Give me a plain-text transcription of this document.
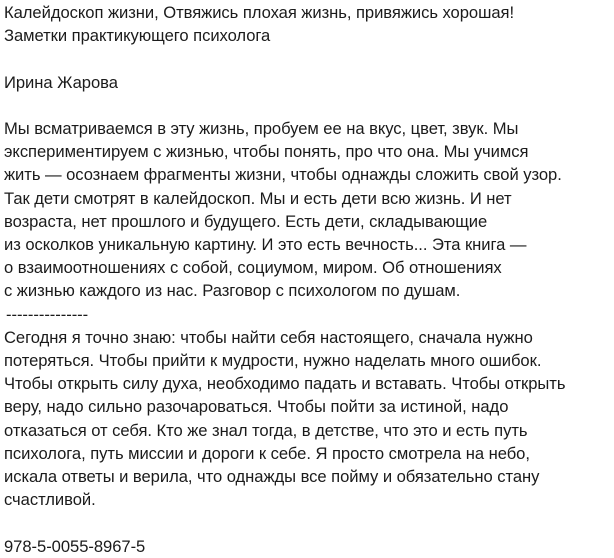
Калейдоскоп жизни, Отвяжись плохая жизнь, привяжись хорошая!
Заметки практикующего психолога
Ирина Жарова
Мы всматриваемся в эту жизнь, пробуем ее на вкус, цвет, звук. Мы
экспериментируем с жизнью, чтобы понять, про что она. Мы учимся
жить — осознаем фрагменты жизни, чтобы однажды сложить свой узор.
Так дети смотрят в калейдоскоп. Мы и есть дети всю жизнь. И нет
возраста, нет прошлого и будущего. Есть дети, складывающие
из осколков уникальную картину. И это есть вечность... Эта книга —
о взаимоотношениях с собой, социумом, миром. Об отношениях
с жизнью каждого из нас. Разговор с психологом по душам.
---------------
Сегодня я точно знаю: чтобы найти себя настоящего, сначала нужно
потеряться. Чтобы прийти к мудрости, нужно наделать много ошибок.
Чтобы открыть силу духа, необходимо падать и вставать. Чтобы открыть
веру, надо сильно разочароваться. Чтобы пойти за истиной, надо
отказаться от себя. Кто же знал тогда, в детстве, что это и есть путь
психолога, путь миссии и дороги к себе. Я просто смотрела на небо,
искала ответы и верила, что однажды все пойму и обязательно стану
счастливой.
978-5-0055-8967-5
